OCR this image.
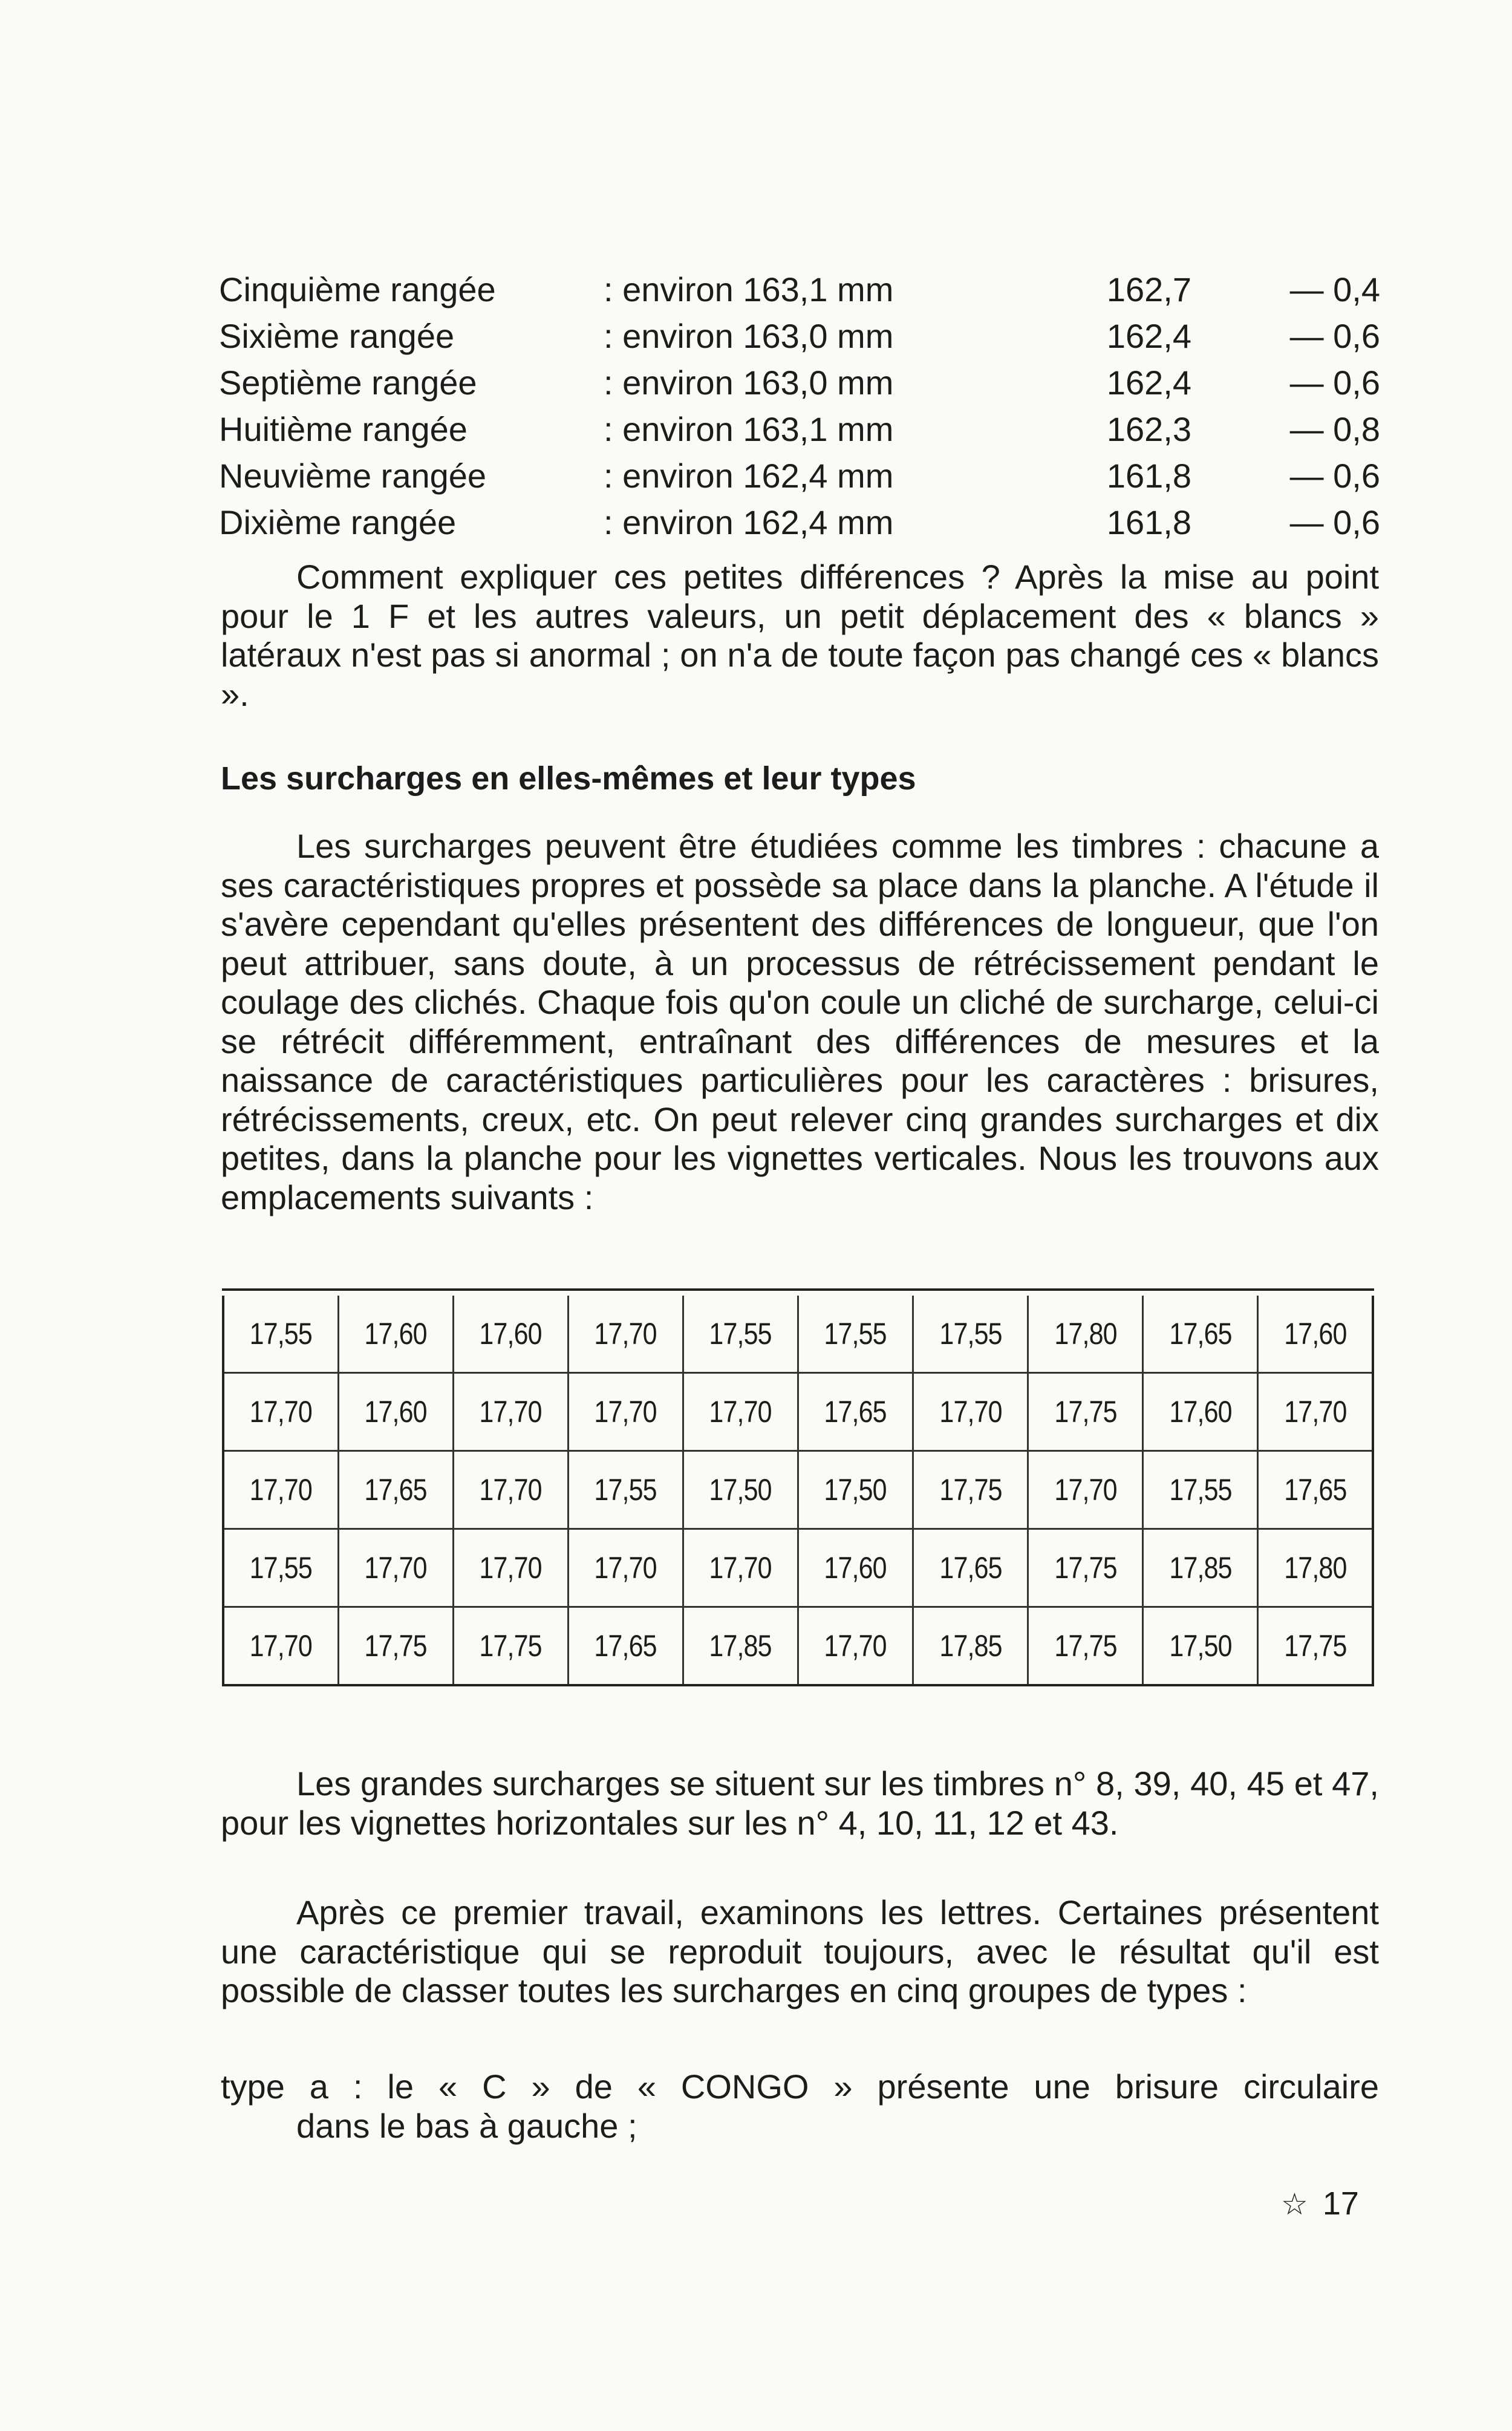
Cinquième rangée	: environ 163,1 mm	162,7	— 0,4
Sixième rangée	: environ 163,0 mm	162,4	— 0,6
Septième rangée	: environ 163,0 mm	162,4	— 0,6
Huitième rangée	: environ 163,1 mm	162,3	— 0,8
Neuvième rangée	: environ 162,4 mm	161,8	— 0,6
Dixième rangée	: environ 162,4 mm	161,8	— 0,6

Comment expliquer ces petites différences ? Après la mise au point pour le 1 F et les autres valeurs, un petit déplacement des « blancs » latéraux n'est pas si anormal ; on n'a de toute façon pas changé ces « blancs ».

Les surcharges en elles-mêmes et leur types

Les surcharges peuvent être étudiées comme les timbres : chacune a ses caractéristiques propres et possède sa place dans la planche. A l'étude il s'avère cependant qu'elles présentent des différences de longueur, que l'on peut attribuer, sans doute, à un processus de rétrécissement pendant le coulage des clichés. Chaque fois qu'on coule un cliché de surcharge, celui-ci se rétrécit différemment, entraînant des différences de mesures et la naissance de caractéristiques particulières pour les caractères : brisures, rétrécissements, creux, etc. On peut relever cinq grandes surcharges et dix petites, dans la planche pour les vignettes verticales. Nous les trouvons aux emplacements suivants :

17,55	17,60	17,60	17,70	17,55	17,55	17,55	17,80	17,65	17,60
17,70	17,60	17,70	17,70	17,70	17,65	17,70	17,75	17,60	17,70
17,70	17,65	17,70	17,55	17,50	17,50	17,75	17,70	17,55	17,65
17,55	17,70	17,70	17,70	17,70	17,60	17,65	17,75	17,85	17,80
17,70	17,75	17,75	17,65	17,85	17,70	17,85	17,75	17,50	17,75

Les grandes surcharges se situent sur les timbres n° 8, 39, 40, 45 et 47, pour les vignettes horizontales sur les n° 4, 10, 11, 12 et 43.

Après ce premier travail, examinons les lettres. Certaines présentent une caractéristique qui se reproduit toujours, avec le résultat qu'il est possible de classer toutes les surcharges en cinq groupes de types :

type a : le « C » de « CONGO » présente une brisure circulaire
dans le bas à gauche ;
☆ 17
